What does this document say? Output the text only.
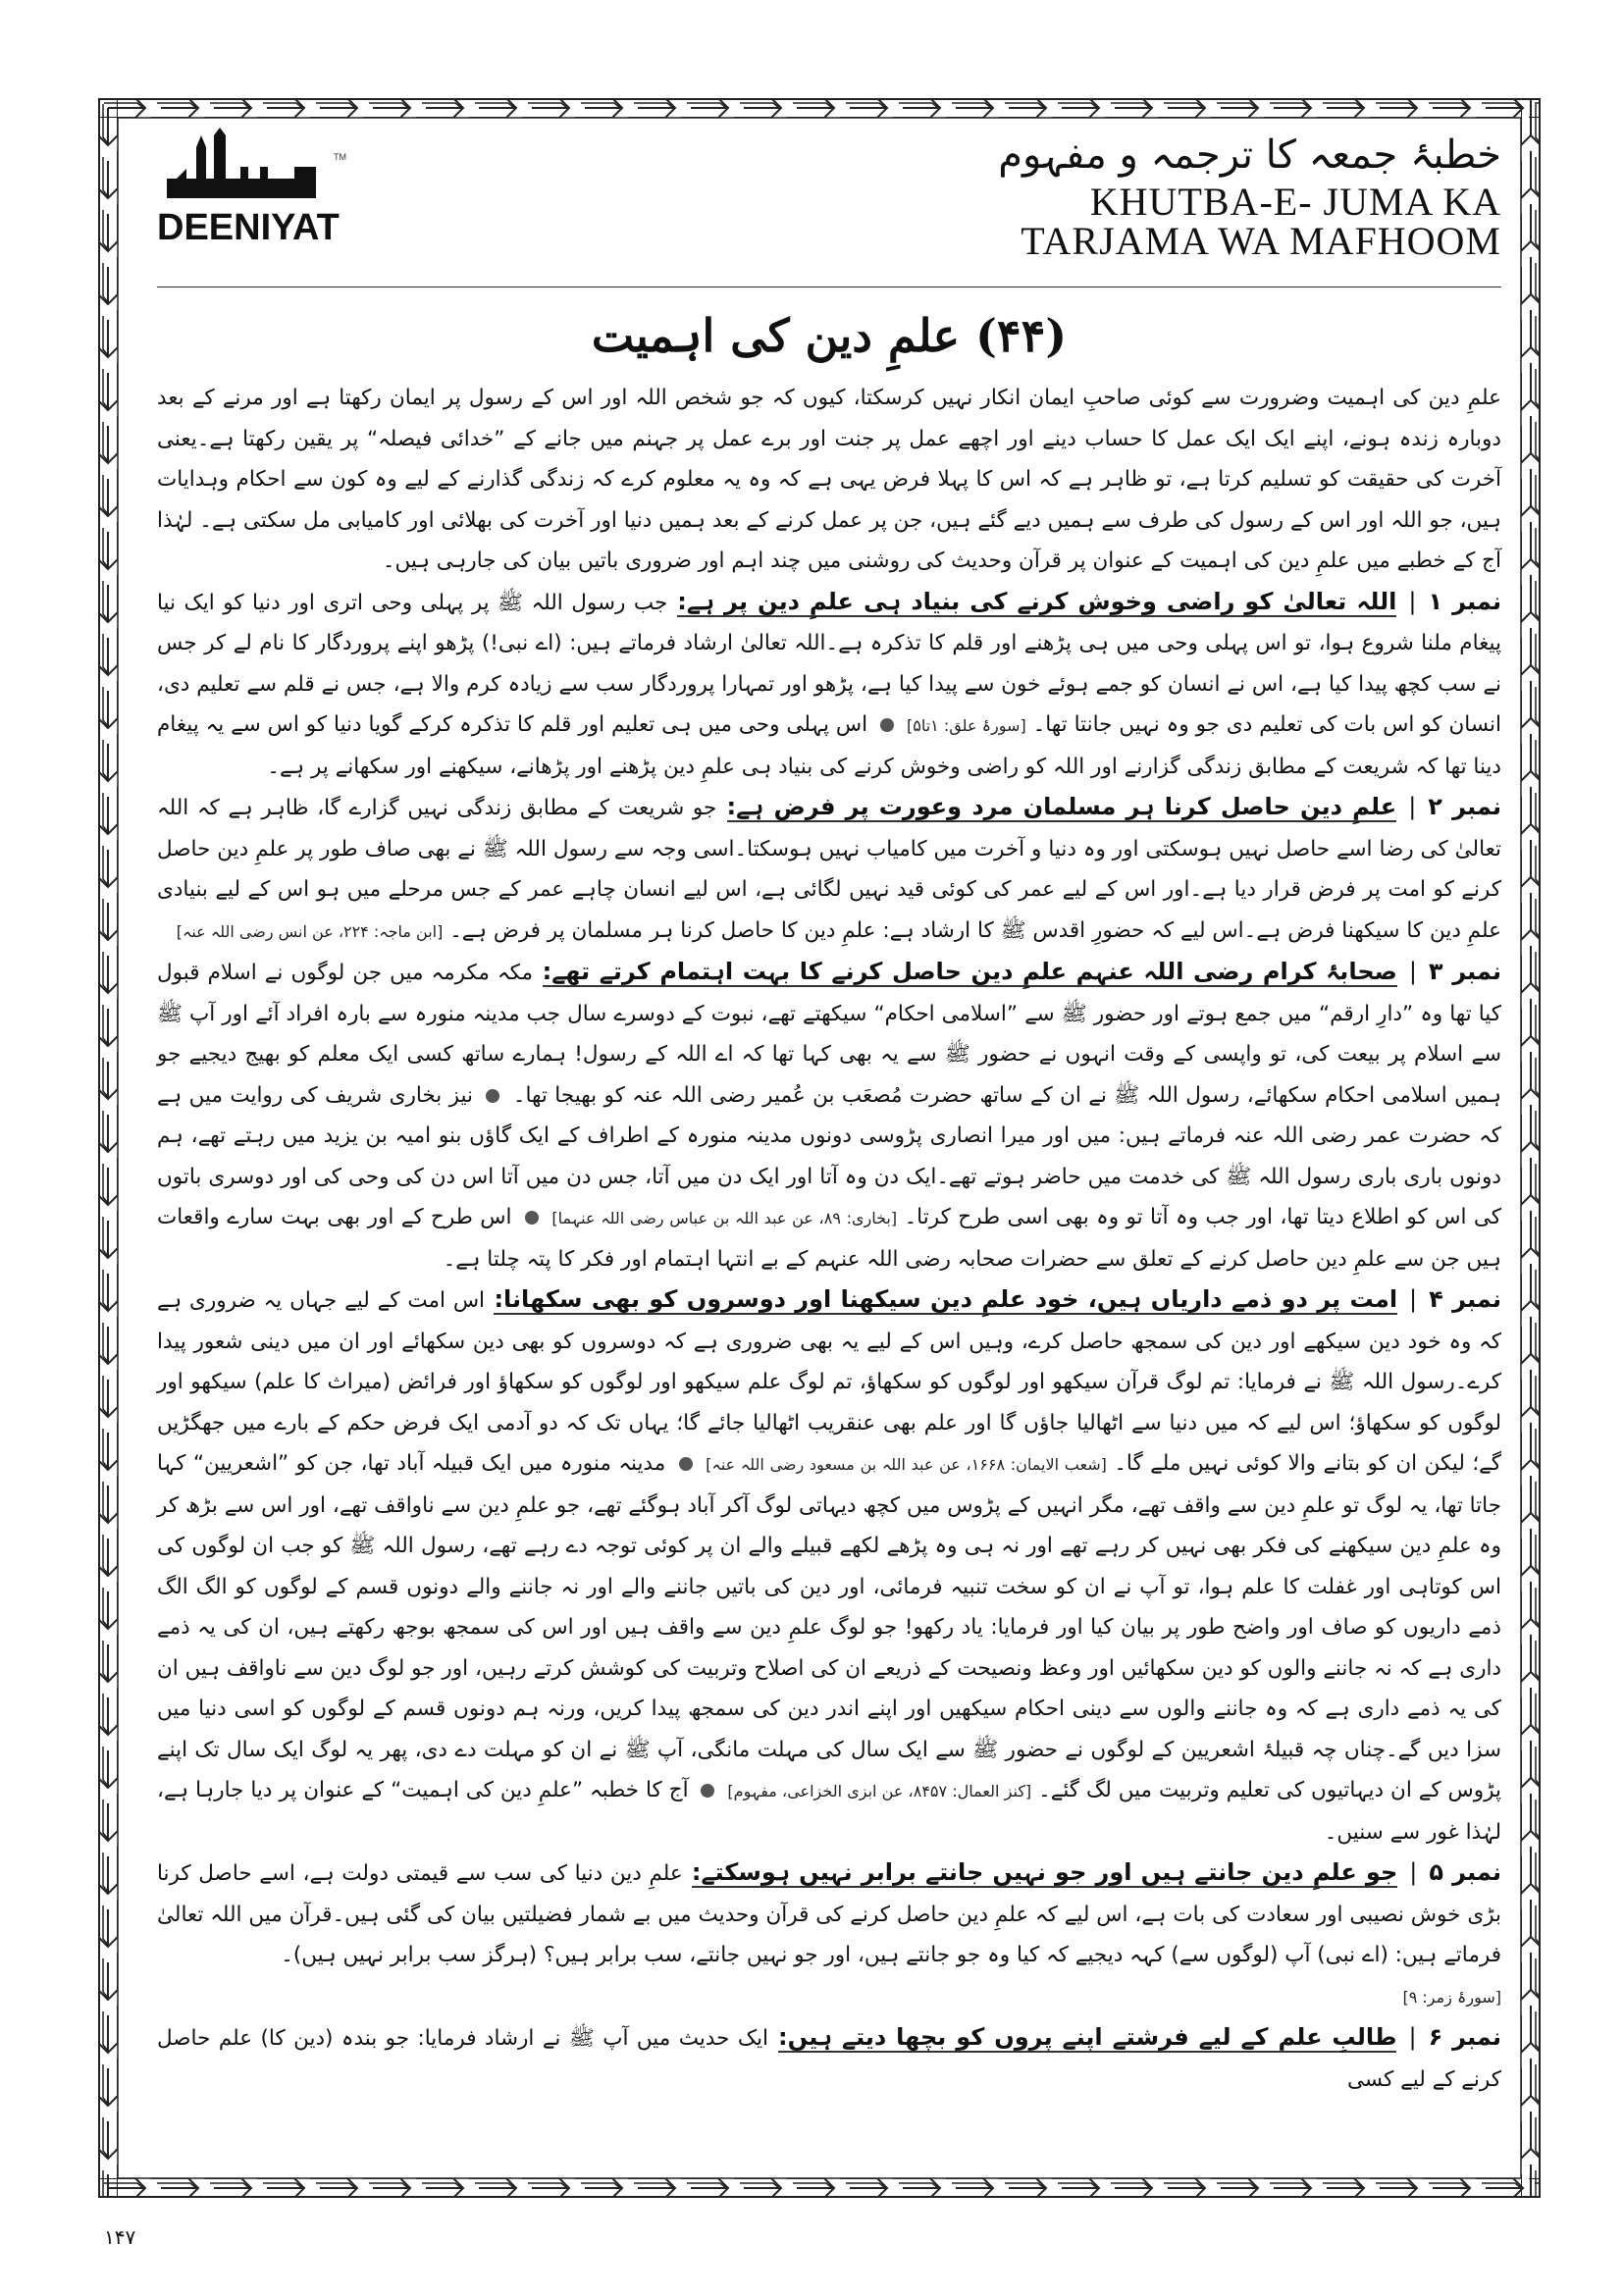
TM
DEENIYAT
خطبۂ جمعہ کا ترجمہ و مفہوم
KHUTBA-E- JUMA KA
TARJAMA WA MAFHOOM
(۴۴) علمِ دین کی اہمیت

علمِ دین کی اہمیت وضرورت سے کوئی صاحبِ ایمان انکار نہیں کرسکتا، کیوں کہ جو شخص اللہ اور اس کے رسول پر ایمان رکھتا ہے اور مرنے کے بعد دوبارہ زندہ ہونے، اپنے ایک ایک عمل کا حساب دینے اور اچھے عمل پر جنت اور برے عمل پر جہنم میں جانے کے ”خدائی فیصلہ“ پر یقین رکھتا ہے۔یعنی آخرت کی حقیقت کو تسلیم کرتا ہے، تو ظاہر ہے کہ اس کا پہلا فرض یہی ہے کہ وہ یہ معلوم کرے کہ زندگی گذارنے کے لیے وہ کون سے احکام وہدایات ہیں، جو اللہ اور اس کے رسول کی طرف سے ہمیں دیے گئے ہیں، جن پر عمل کرنے کے بعد ہمیں دنیا اور آخرت کی بھلائی اور کامیابی مل سکتی ہے۔ لہٰذا آج کے خطبے میں علمِ دین کی اہمیت کے عنوان پر قرآن وحدیث کی روشنی میں چند اہم اور ضروری باتیں بیان کی جارہی ہیں۔

نمبر ۱|اللہ تعالیٰ کو راضی وخوش کرنے کی بنیاد ہی علمِ دین پر ہے: جب رسول اللہ ﷺ پر پہلی وحی اتری اور دنیا کو ایک نیا پیغام ملنا شروع ہوا، تو اس پہلی وحی میں ہی پڑھنے اور قلم کا تذکرہ ہے۔اللہ تعالیٰ ارشاد فرماتے ہیں: (اے نبی!) پڑھو اپنے پروردگار کا نام لے کر جس نے سب کچھ پیدا کیا ہے، اس نے انسان کو جمے ہوئے خون سے پیدا کیا ہے، پڑھو اور تمہارا پروردگار سب سے زیادہ کرم والا ہے، جس نے قلم سے تعلیم دی، انسان کو اس بات کی تعلیم دی جو وہ نہیں جانتا تھا۔ [سورۂ علق: ۱تا۵]  اس پہلی وحی میں ہی تعلیم اور قلم کا تذکرہ کرکے گویا دنیا کو اس سے یہ پیغام دینا تھا کہ شریعت کے مطابق زندگی گزارنے اور اللہ کو راضی وخوش کرنے کی بنیاد ہی علمِ دین پڑھنے اور پڑھانے، سیکھنے اور سکھانے پر ہے۔

نمبر ۲|علمِ دین حاصل کرنا ہر مسلمان مرد وعورت پر فرض ہے: جو شریعت کے مطابق زندگی نہیں گزارے گا، ظاہر ہے کہ اللہ تعالیٰ کی رضا اسے حاصل نہیں ہوسکتی اور وہ دنیا و آخرت میں کامیاب نہیں ہوسکتا۔اسی وجہ سے رسول اللہ ﷺ نے بھی صاف طور پر علمِ دین حاصل کرنے کو امت پر فرض قرار دیا ہے۔اور اس کے لیے عمر کی کوئی قید نہیں لگائی ہے، اس لیے انسان چاہے عمر کے جس مرحلے میں ہو اس کے لیے بنیادی علمِ دین کا سیکھنا فرض ہے۔اس لیے کہ حضورِ اقدس ﷺ کا ارشاد ہے: علمِ دین کا حاصل کرنا ہر مسلمان پر فرض ہے۔ [ابن ماجہ: ۲۲۴، عن انس رضی اللہ عنہ]

نمبر ۳|صحابۂ کرام رضی اللہ عنہم علمِ دین حاصل کرنے کا بہت اہتمام کرتے تھے: مکہ مکرمہ میں جن لوگوں نے اسلام قبول کیا تھا وہ ”دارِ ارقم“ میں جمع ہوتے اور حضور ﷺ سے ”اسلامی احکام“ سیکھتے تھے، نبوت کے دوسرے سال جب مدینہ منورہ سے بارہ افراد آئے اور آپ ﷺ سے اسلام پر بیعت کی، تو واپسی کے وقت انہوں نے حضور ﷺ سے یہ بھی کہا تھا کہ اے اللہ کے رسول! ہمارے ساتھ کسی ایک معلم کو بھیج دیجیے جو ہمیں اسلامی احکام سکھائے، رسول اللہ ﷺ نے ان کے ساتھ حضرت مُصعَب بن عُمیر رضی اللہ عنہ کو بھیجا تھا۔  نیز بخاری شریف کی روایت میں ہے کہ حضرت عمر رضی اللہ عنہ فرماتے ہیں: میں اور میرا انصاری پڑوسی دونوں مدینہ منورہ کے اطراف کے ایک گاؤں بنو امیہ بن یزید میں رہتے تھے، ہم دونوں باری باری رسول اللہ ﷺ کی خدمت میں حاضر ہوتے تھے۔ایک دن وہ آتا اور ایک دن میں آتا، جس دن میں آتا اس دن کی وحی کی اور دوسری باتوں کی اس کو اطلاع دیتا تھا، اور جب وہ آتا تو وہ بھی اسی طرح کرتا۔ [بخاری: ۸۹، عن عبد اللہ بن عباس رضی اللہ عنہما]  اس طرح کے اور بھی بہت سارے واقعات ہیں جن سے علمِ دین حاصل کرنے کے تعلق سے حضرات صحابہ رضی اللہ عنہم کے بے انتہا اہتمام اور فکر کا پتہ چلتا ہے۔

نمبر ۴|امت پر دو ذمے داریاں ہیں، خود علمِ دین سیکھنا اور دوسروں کو بھی سکھانا: اس امت کے لیے جہاں یہ ضروری ہے کہ وہ خود دین سیکھے اور دین کی سمجھ حاصل کرے، وہیں اس کے لیے یہ بھی ضروری ہے کہ دوسروں کو بھی دین سکھائے اور ان میں دینی شعور پیدا کرے۔رسول اللہ ﷺ نے فرمایا: تم لوگ قرآن سیکھو اور لوگوں کو سکھاؤ، تم لوگ علم سیکھو اور لوگوں کو سکھاؤ اور فرائض (میراث کا علم) سیکھو اور لوگوں کو سکھاؤ؛ اس لیے کہ میں دنیا سے اٹھالیا جاؤں گا اور علم بھی عنقریب اٹھالیا جائے گا؛ یہاں تک کہ دو آدمی ایک فرض حکم کے بارے میں جھگڑیں گے؛ لیکن ان کو بتانے والا کوئی نہیں ملے گا۔ [شعب الایمان: ۱۶۶۸، عن عبد اللہ بن مسعود رضی اللہ عنہ]  مدینہ منورہ میں ایک قبیلہ آباد تھا، جن کو ”اشعریین“ کہا جاتا تھا، یہ لوگ تو علمِ دین سے واقف تھے، مگر انہیں کے پڑوس میں کچھ دیہاتی لوگ آکر آباد ہوگئے تھے، جو علمِ دین سے ناواقف تھے، اور اس سے بڑھ کر وہ علمِ دین سیکھنے کی فکر بھی نہیں کر رہے تھے اور نہ ہی وہ پڑھے لکھے قبیلے والے ان پر کوئی توجہ دے رہے تھے، رسول اللہ ﷺ کو جب ان لوگوں کی اس کوتاہی اور غفلت کا علم ہوا، تو آپ نے ان کو سخت تنبیہ فرمائی، اور دین کی باتیں جاننے والے اور نہ جاننے والے دونوں قسم کے لوگوں کو الگ الگ ذمے داریوں کو صاف اور واضح طور پر بیان کیا اور فرمایا: یاد رکھو! جو لوگ علمِ دین سے واقف ہیں اور اس کی سمجھ بوجھ رکھتے ہیں، ان کی یہ ذمے داری ہے کہ نہ جاننے والوں کو دین سکھائیں اور وعظ ونصیحت کے ذریعے ان کی اصلاح وتربیت کی کوشش کرتے رہیں، اور جو لوگ دین سے ناواقف ہیں ان کی یہ ذمے داری ہے کہ وہ جاننے والوں سے دینی احکام سیکھیں اور اپنے اندر دین کی سمجھ پیدا کریں، ورنہ ہم دونوں قسم کے لوگوں کو اسی دنیا میں سزا دیں گے۔چناں چہ قبیلۂ اشعریین کے لوگوں نے حضور ﷺ سے ایک سال کی مہلت مانگی، آپ ﷺ نے ان کو مہلت دے دی، پھر یہ لوگ ایک سال تک اپنے پڑوس کے ان دیہاتیوں کی تعلیم وتربیت میں لگ گئے۔ [کنز العمال: ۸۴۵۷، عن ابزی الخزاعی، مفہوم]  آج کا خطبہ ”علمِ دین کی اہمیت“ کے عنوان پر دیا جارہا ہے، لہٰذا غور سے سنیں۔

نمبر ۵|جو علمِ دین جانتے ہیں اور جو نہیں جانتے برابر نہیں ہوسکتے: علمِ دین دنیا کی سب سے قیمتی دولت ہے، اسے حاصل کرنا بڑی خوش نصیبی اور سعادت کی بات ہے، اس لیے کہ علمِ دین حاصل کرنے کی قرآن وحدیث میں بے شمار فضیلتیں بیان کی گئی ہیں۔قرآن میں اللہ تعالیٰ فرماتے ہیں: (اے نبی) آپ (لوگوں سے) کہہ دیجیے کہ کیا وہ جو جانتے ہیں، اور جو نہیں جانتے، سب برابر ہیں؟ (ہرگز سب برابر نہیں ہیں)۔

[سورۂ زمر: ۹]

نمبر ۶|طالبِ علم کے لیے فرشتے اپنے پروں کو بچھا دیتے ہیں: ایک حدیث میں آپ ﷺ نے ارشاد فرمایا: جو بندہ (دین کا) علم حاصل کرنے کے لیے کسی

۱۴۷
